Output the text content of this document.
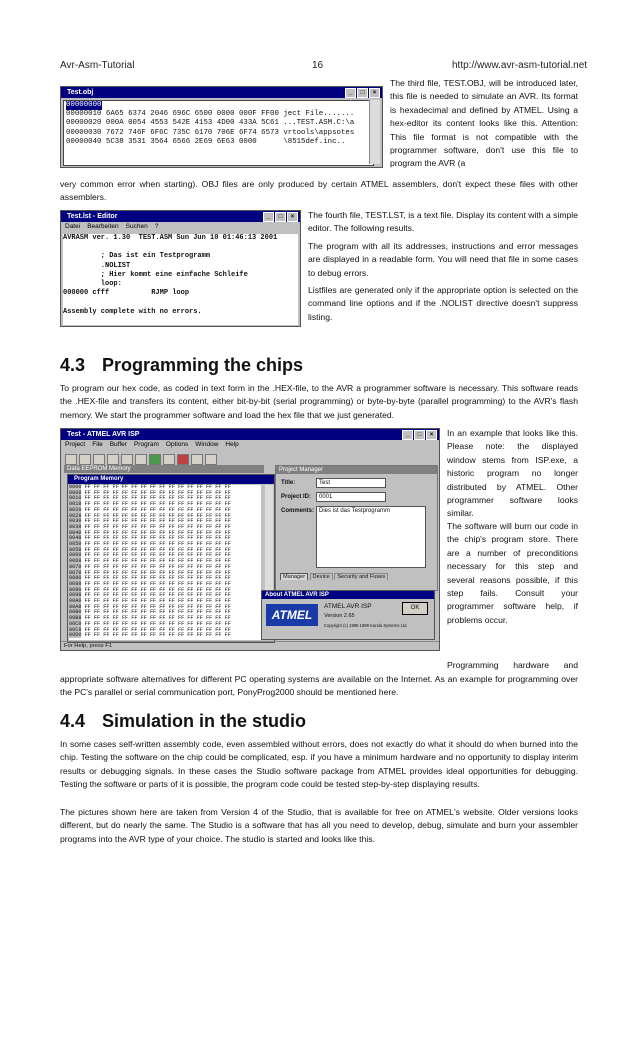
Avr-Asm-Tutorial	16	http://www.avr-asm-tutorial.net
Test.obj	_ □ ×
00000000 0000 0023 0000 001A 0902 4156 5220 4F62 ...#......AVR Ob

00000010 6A65 6374 2046 696C 6500 0000 000F FF00 ject File.......
00000020 000A 0054 4553 542E 4153 4D00 433A 5C61 ...TEST.ASM.C:\a
00000030 7672 746F 6F6C 735C 6170 706E 6F74 6573 vrtools\appsotes
00000040 5C38 3531 3564 6566 2E69 6E63 0000      \8515def.inc..

The third file, TEST.OBJ, will be introduced later, this file is needed to simulate an AVR. Its format is hexadecimal and defined by ATMEL. Using a hex-editor its content looks like this. Attention: This file format is not compatible with the programmer software, don't use this file to program the AVR (a

very common error when starting). OBJ files are only produced by certain ATMEL assemblers, don't expect these files with other assemblers.

Test.lst - Editor	_ □ ×
Datei Bearbeiten Suchen ?
AVRASM ver. 1.30  TEST.ASM Sun Jun 10 01:46:13 2001

; Das ist ein Testprogramm
.NOLIST
; Hier kommt eine einfache Schleife
loop:
000000 cfff          RJMP loop

Assembly complete with no errors.

The fourth file, TEST.LST, is a text file. Display its content with a simple editor. The following results.

The program with all its addresses, instructions and error messages are displayed in a readable form. You will need that file in some cases to debug errors.

Listfiles are generated only if the appropriate option is selected on the command line options and if the .NOLIST directive doesn't suppress listing.

4.3 Programming the chips

To program our hex code, as coded in text form in the .HEX-file, to the AVR a programmer software is necessary. This software reads the .HEX-file and transfers its content, either bit-by-bit (serial programming) or byte-by-byte (parallel programming) to the AVR's flash memory. We start the programmer software and load the hex file that we just generated.

Test - ATMEL AVR ISP	_ □ ×
Project File Buffer Program Options Window Help
Data EEPROM Memory
Program Memory
0000 FF FF FF FF FF FF FF FF FF FF FF FF FF FF FF FF
0008 FF FF FF FF FF FF FF FF FF FF FF FF FF FF FF FF
0010 FF FF FF FF FF FF FF FF FF FF FF FF FF FF FF FF
0018 FF FF FF FF FF FF FF FF FF FF FF FF FF FF FF FF
0020 FF FF FF FF FF FF FF FF FF FF FF FF FF FF FF FF
0028 FF FF FF FF FF FF FF FF FF FF FF FF FF FF FF FF
0030 FF FF FF FF FF FF FF FF FF FF FF FF FF FF FF FF
0038 FF FF FF FF FF FF FF FF FF FF FF FF FF FF FF FF
0040 FF FF FF FF FF FF FF FF FF FF FF FF FF FF FF FF
0048 FF FF FF FF FF FF FF FF FF FF FF FF FF FF FF FF
0050 FF FF FF FF FF FF FF FF FF FF FF FF FF FF FF FF
0058 FF FF FF FF FF FF FF FF FF FF FF FF FF FF FF FF
0060 FF FF FF FF FF FF FF FF FF FF FF FF FF FF FF FF
0068 FF FF FF FF FF FF FF FF FF FF FF FF FF FF FF FF
0070 FF FF FF FF FF FF FF FF FF FF FF FF FF FF FF FF
0078 FF FF FF FF FF FF FF FF FF FF FF FF FF FF FF FF
0080 FF FF FF FF FF FF FF FF FF FF FF FF FF FF FF FF
0088 FF FF FF FF FF FF FF FF FF FF FF FF FF FF FF FF
0090 FF FF FF FF FF FF FF FF FF FF FF FF FF FF FF FF
0098 FF FF FF FF FF FF FF FF FF FF FF FF FF FF FF FF
00A0 FF FF FF FF FF FF FF FF FF FF FF FF FF FF FF FF
00A8 FF FF FF FF FF FF FF FF FF FF FF FF FF FF FF FF
00B0 FF FF FF FF FF FF FF FF FF FF FF FF FF FF FF FF
00B8 FF FF FF FF FF FF FF FF FF FF FF FF FF FF FF FF
00C0 FF FF FF FF FF FF FF FF FF FF FF FF FF FF FF FF
00C8 FF FF FF FF FF FF FF FF FF FF FF FF FF FF FF FF
00D0 FF FF FF FF FF FF FF FF FF FF FF FF FF FF FF FF
Project Manager
Title:	Test
Project ID:	0001
Comments: Dies ist das Testprogramm
Manager Device Security and Fuses
About ATMEL AVR ISP
ATMEL
ATMEL AVR ISP
Version 2.65
Copyright (c) 1998 1999 Kanda Systems Ltd.
OK
For Help, press F1

In an example that looks like this. Please note: the displayed window stems from ISP.exe, a historic program no longer distributed by ATMEL. Other programmer software looks similar.

The software will burn our code in the chip's program store. There are a number of preconditions necessary for this step and several reasons possible, if this step fails. Consult your programmer software help, if problems occur.

Programming hardware and

appropriate software alternatives for different PC operating systems are available on the Internet. As an example for programming over the PC's parallel or serial communication port, PonyProg2000 should be mentioned here.

4.4 Simulation in the studio

In some cases self-written assembly code, even assembled without errors, does not exactly do what it should do when burned into the chip. Testing the software on the chip could be complicated, esp. if you have a minimum hardware and no opportunity to display interim results or debugging signals. In these cases the Studio software package from ATMEL provides ideal opportunities for debugging. Testing the software or parts of it is possible, the program code could be tested step-by-step displaying results.

The pictures shown here are taken from Version 4 of the Studio, that is available for free on ATMEL's website. Older versions looks different, but do nearly the same. The Studio is a software that has all you need to develop, debug, simulate and burn your assembler programs into the AVR type of your choice. The studio is started and looks like this.
